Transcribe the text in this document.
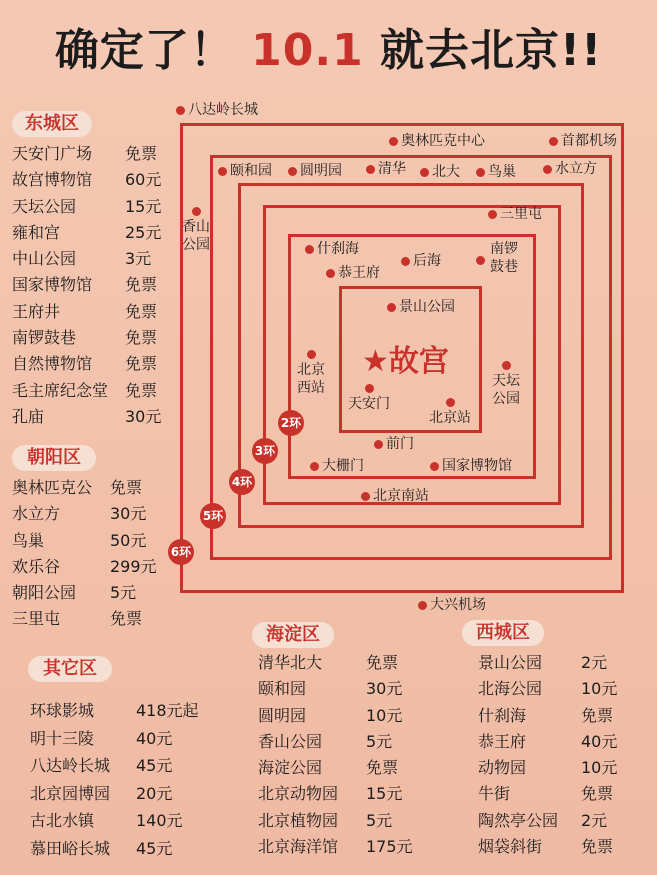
确定了！ 10.1 就去北京!!
★故宫
2环
3环
4环
5环
6环
八达岭长城
奥林匹克中心	首都机场
颐和园 圆明园	清华 北大 鸟巢	水立方
三里屯
香山公园	什刹海
后海
南锣鼓巷
恭王府
景山公园
北京西站	天坛公园
天安门
北京站
前门
大栅门	国家博物馆
北京南站
大兴机场
东城区
天安门广场 免票
故宫博物馆 60元
天坛公园	15元
雍和宫	25元
中山公园	3元
国家博物馆 免票
王府井	免票
南锣鼓巷	免票
自然博物馆 免票
毛主席纪念堂 免票
孔庙	30元
朝阳区
奥林匹克公 免票
水立方	30元
鸟巢	50元
欢乐谷	299元
朝阳公园 5元
三里屯	免票
其它区
环球影城	418元起
明十三陵	40元
八达岭长城 45元
北京园博园 20元
古北水镇	140元
慕田峪长城 45元
海淀区
清华北大	免票
颐和园	30元
圆明园	10元
香山公园	5元
海淀公园	免票
北京动物园 15元
北京植物园 5元
北京海洋馆 175元
西城区
景山公园 2元
北海公园 10元
什刹海	免票
恭王府	40元
动物园	10元
牛街	免票
陶然亭公园 2元
烟袋斜街 免票
